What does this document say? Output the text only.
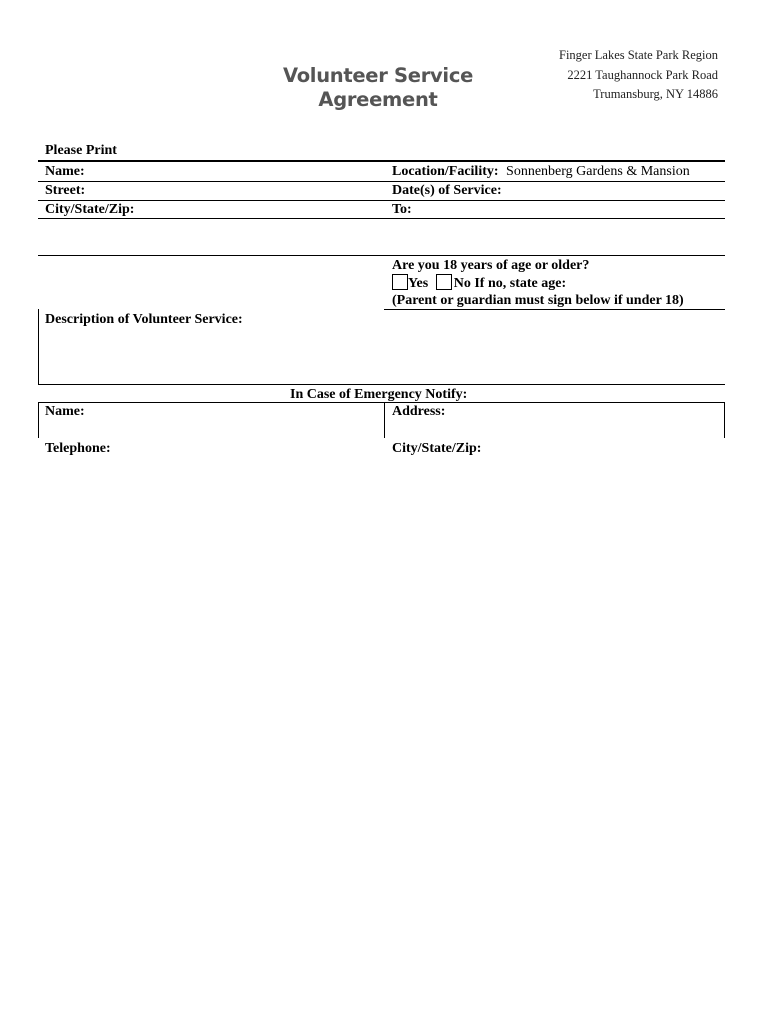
Volunteer Service
Agreement
Finger Lakes State Park Region
2221 Taughannock Park Road
Trumansburg, NY 14886
Please Print
Name:	Location/Facility: Sonnenberg Gardens & Mansion
Street:	Date(s) of Service:
City/State/Zip:	To:
Are you 18 years of age or older?
Yes No If no, state age:
(Parent or guardian must sign below if under 18)
Description of Volunteer Service:
In Case of Emergency Notify:
Name:	Address:
Telephone:	City/State/Zip:
